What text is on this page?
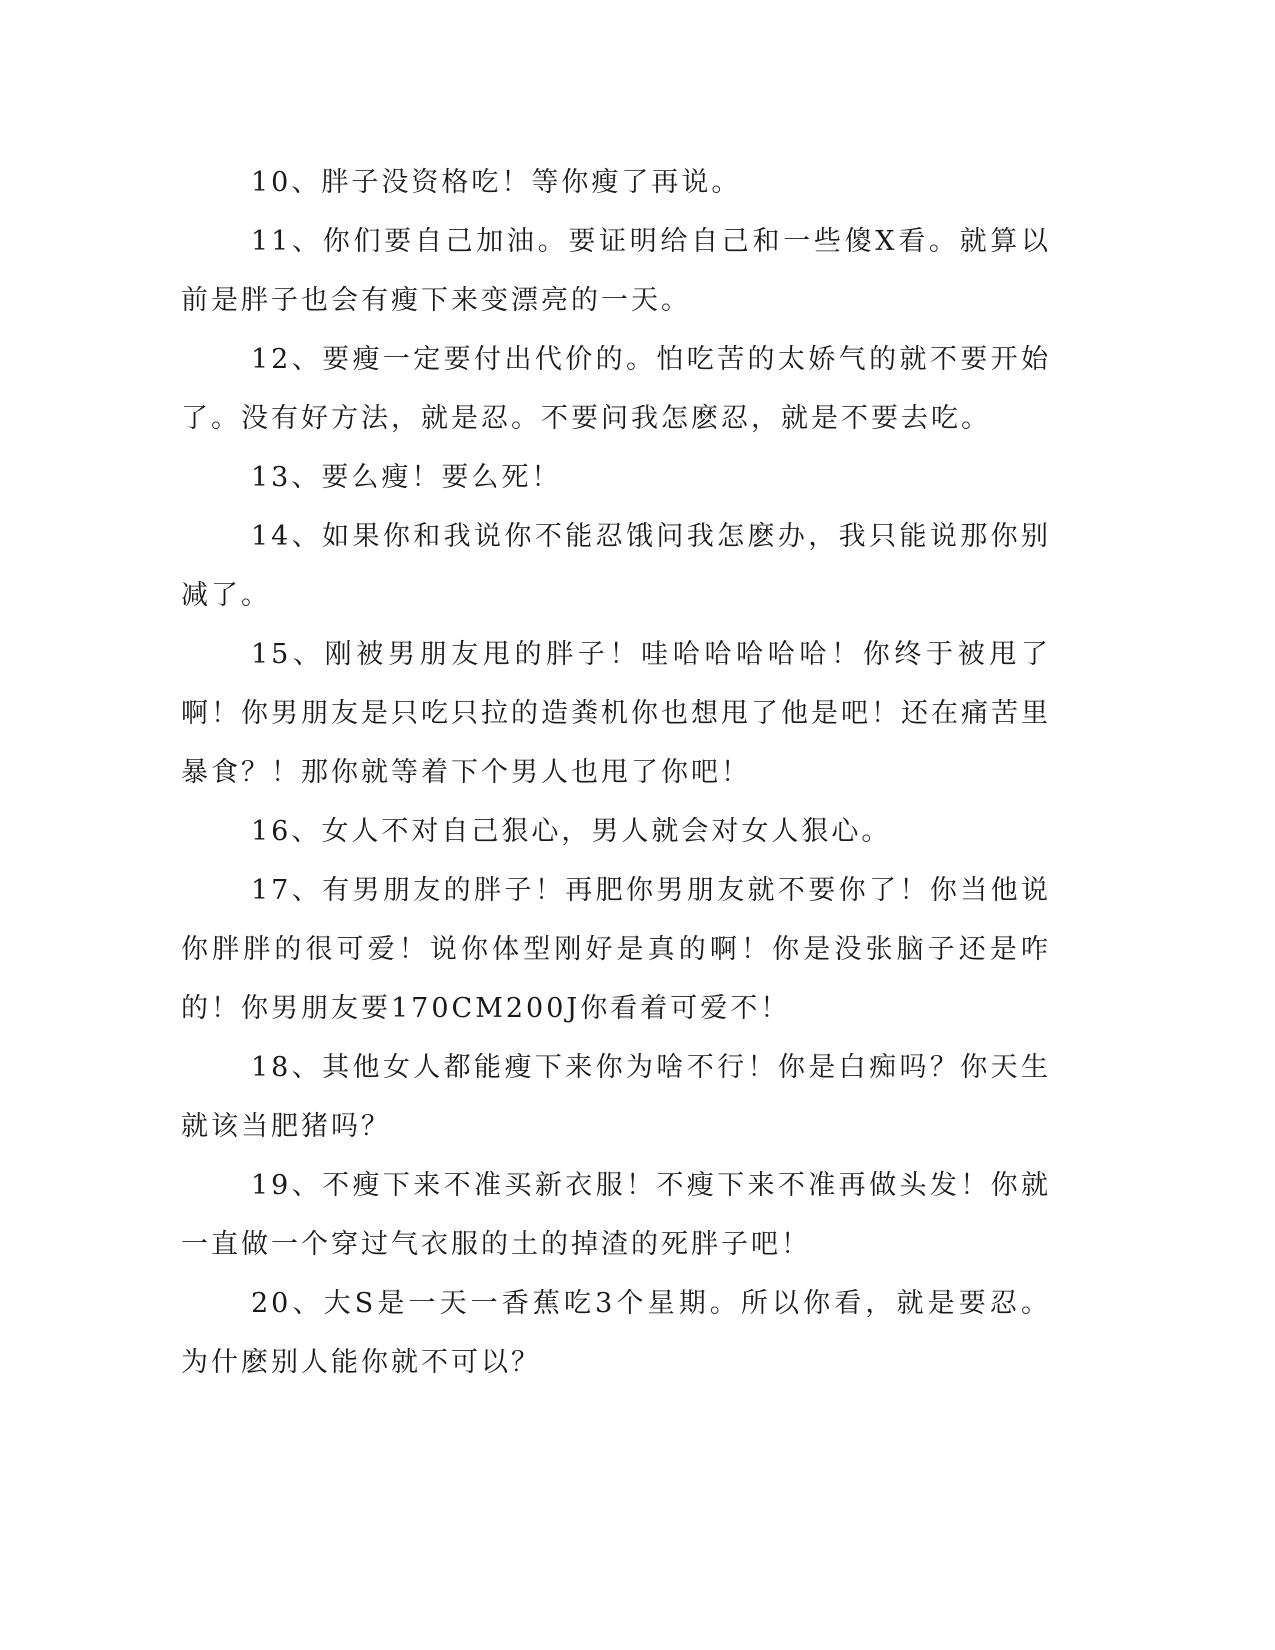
10、胖子没资格吃！等你瘦了再说。

11、你们要自己加油。要证明给自己和一些傻X看。就算以前是胖子也会有瘦下来变漂亮的一天。

12、要瘦一定要付出代价的。怕吃苦的太娇气的就不要开始了。没有好方法，就是忍。不要问我怎麽忍，就是不要去吃。

13、要么瘦！要么死！

14、如果你和我说你不能忍饿问我怎麽办，我只能说那你别减了。

15、刚被男朋友甩的胖子！哇哈哈哈哈哈！你终于被甩了啊！你男朋友是只吃只拉的造粪机你也想甩了他是吧！还在痛苦里暴食？！那你就等着下个男人也甩了你吧！

16、女人不对自己狠心，男人就会对女人狠心。

17、有男朋友的胖子！再肥你男朋友就不要你了！你当他说你胖胖的很可爱！说你体型刚好是真的啊！你是没张脑子还是咋的！你男朋友要170CM200J你看着可爱不！

18、其他女人都能瘦下来你为啥不行！你是白痴吗？你天生就该当肥猪吗？

19、不瘦下来不准买新衣服！不瘦下来不准再做头发！你就一直做一个穿过气衣服的土的掉渣的死胖子吧！

20、大S是一天一香蕉吃3个星期。所以你看，就是要忍。为什麽别人能你就不可以？
